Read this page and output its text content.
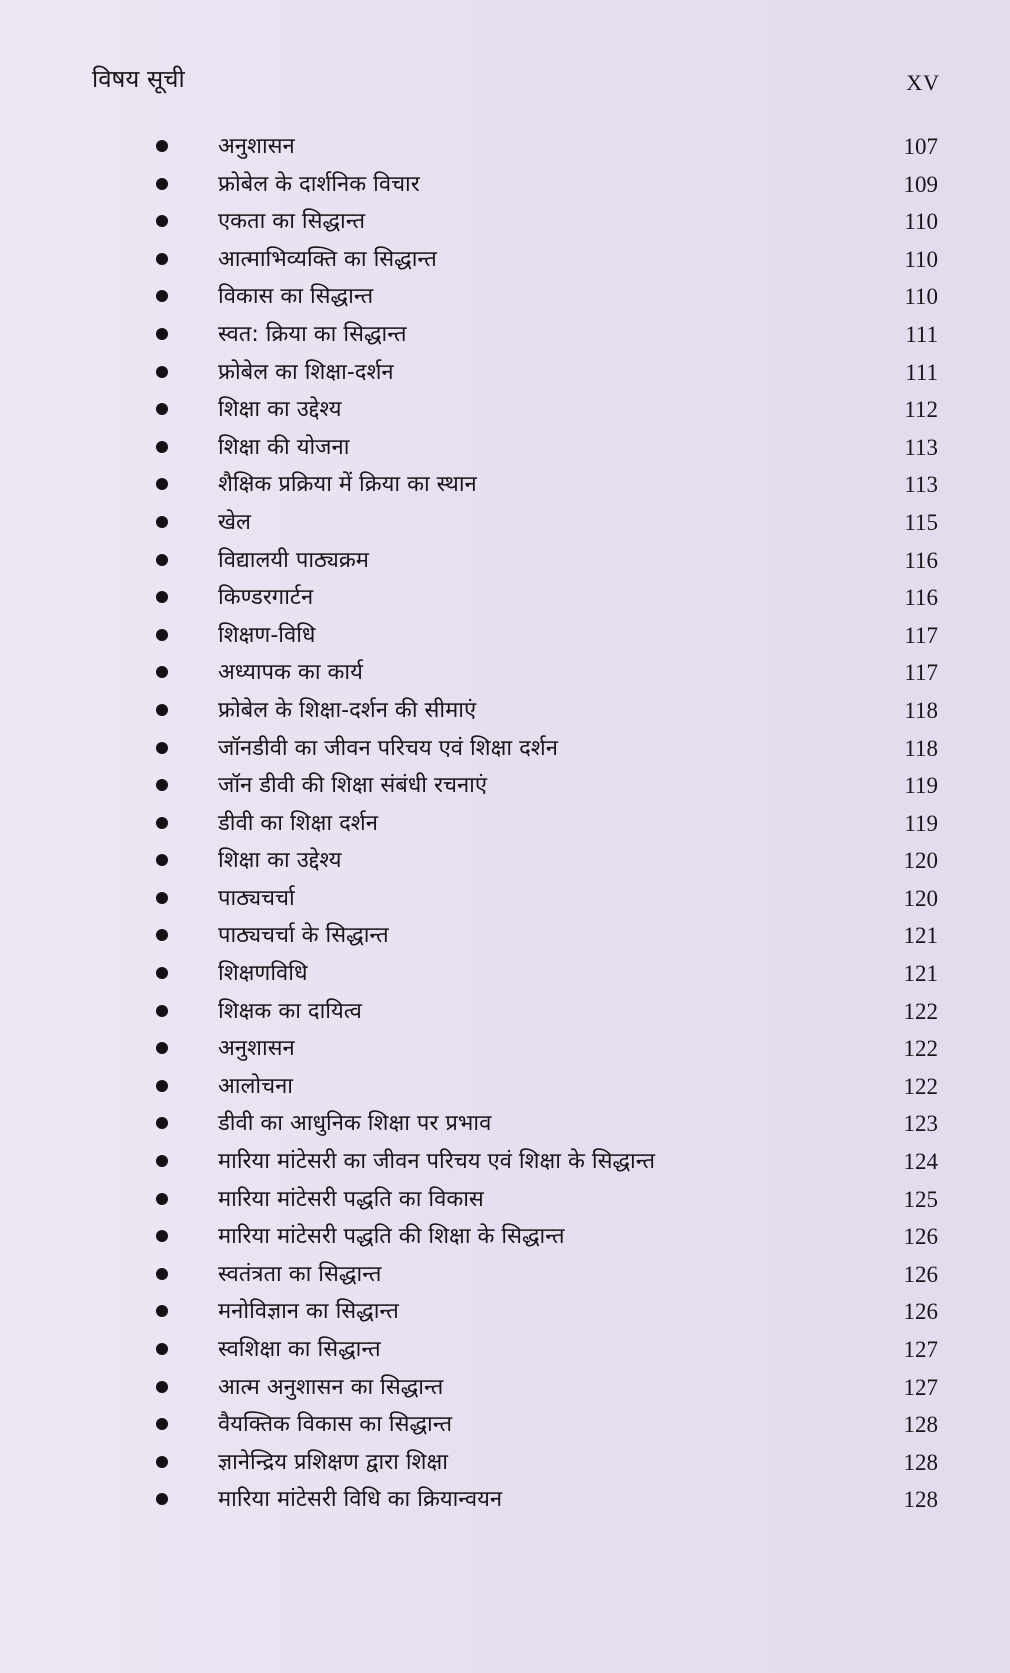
विषय सूची	XV
अनुशासन	107
फ्रोबेल के दार्शनिक विचार	109
एकता का सिद्धान्त	110
आत्माभिव्यक्ति का सिद्धान्त	110
विकास का सिद्धान्त	110
स्वत: क्रिया का सिद्धान्त	111
फ्रोबेल का शिक्षा-दर्शन	111
शिक्षा का उद्देश्य	112
शिक्षा की योजना	113
शैक्षिक प्रक्रिया में क्रिया का स्थान	113
खेल	115
विद्यालयी पाठ्यक्रम	116
किण्डरगार्टन	116
शिक्षण-विधि	117
अध्यापक का कार्य	117
फ्रोबेल के शिक्षा-दर्शन की सीमाएं	118
जॉनडीवी का जीवन परिचय एवं शिक्षा दर्शन	118
जॉन डीवी की शिक्षा संबंधी रचनाएं	119
डीवी का शिक्षा दर्शन	119
शिक्षा का उद्देश्य	120
पाठ्यचर्चा	120
पाठ्यचर्चा के सिद्धान्त	121
शिक्षणविधि	121
शिक्षक का दायित्व	122
अनुशासन	122
आलोचना	122
डीवी का आधुनिक शिक्षा पर प्रभाव	123
मारिया मांटेसरी का जीवन परिचय एवं शिक्षा के सिद्धान्त	124
मारिया मांटेसरी पद्धति का विकास	125
मारिया मांटेसरी पद्धति की शिक्षा के सिद्धान्त	126
स्वतंत्रता का सिद्धान्त	126
मनोविज्ञान का सिद्धान्त	126
स्वशिक्षा का सिद्धान्त	127
आत्म अनुशासन का सिद्धान्त	127
वैयक्तिक विकास का सिद्धान्त	128
ज्ञानेन्द्रिय प्रशिक्षण द्वारा शिक्षा	128
मारिया मांटेसरी विधि का क्रियान्वयन	128
